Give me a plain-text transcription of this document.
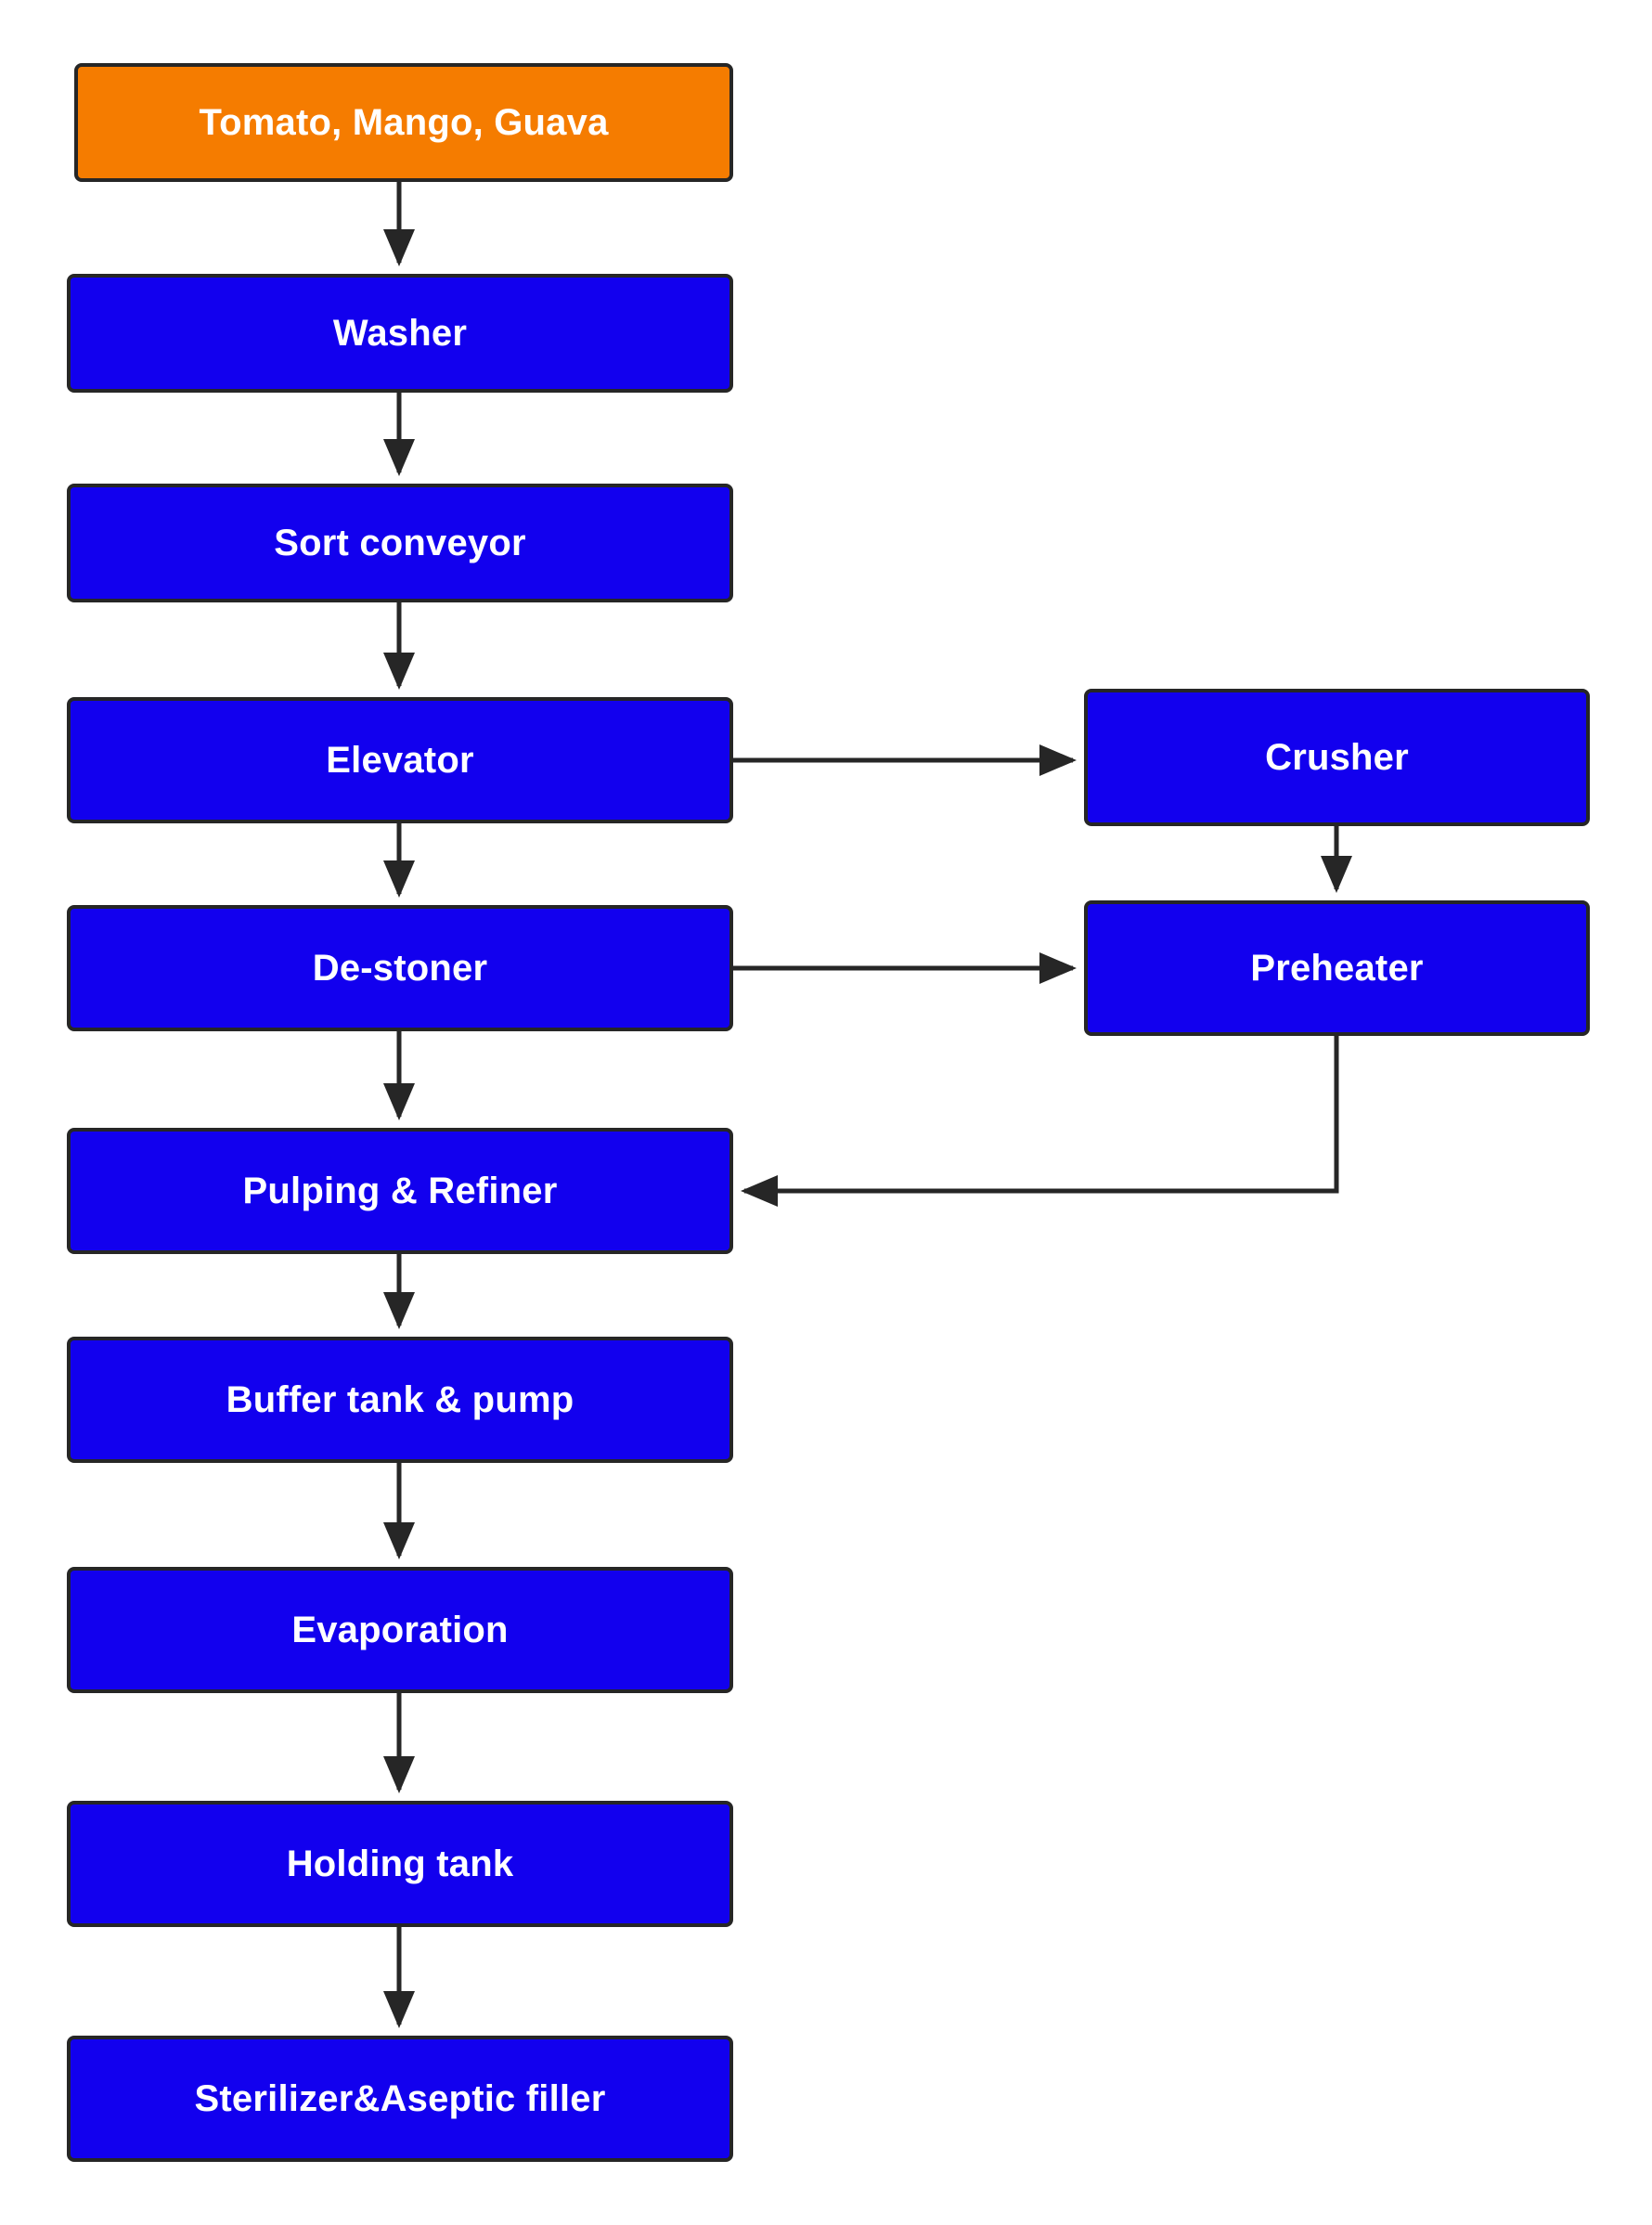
Tomato, Mango, Guava
Washer
Sort conveyor
Elevator	Crusher
De-stoner	Preheater
Pulping & Refiner
Buffer tank & pump
Evaporation
Holding tank
Sterilizer&Aseptic filler
